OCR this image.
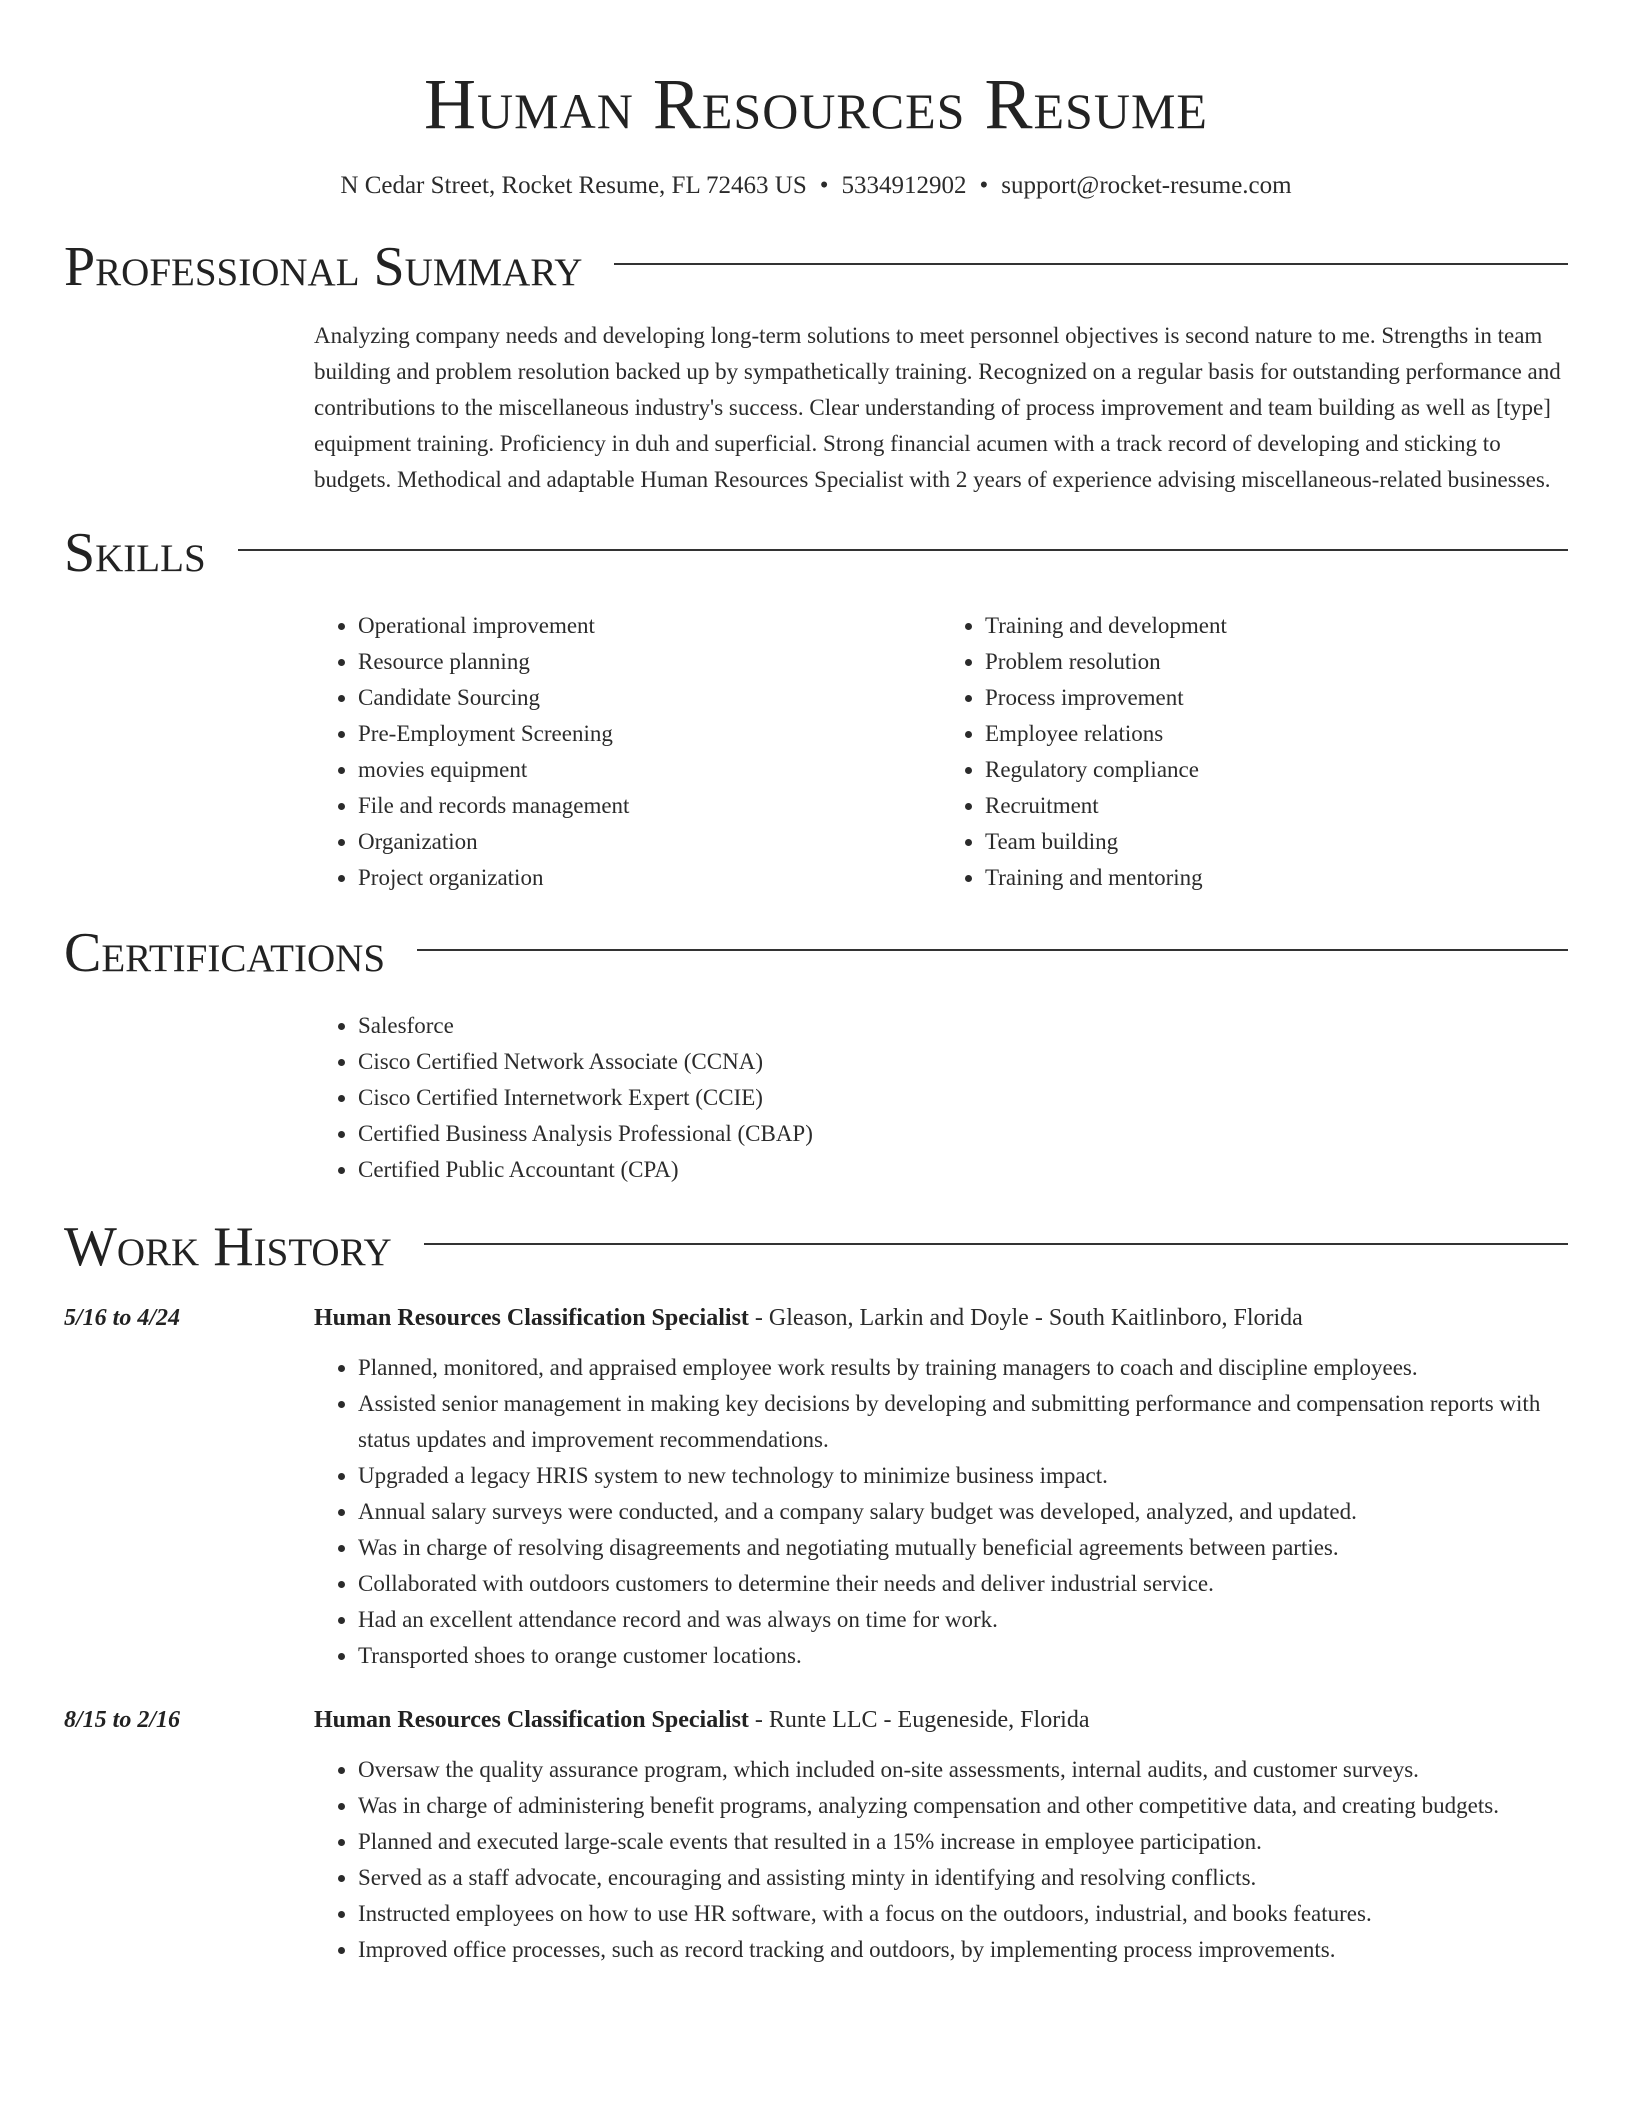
Human Resources Resume
N Cedar Street, Rocket Resume, FL 72463 US • 5334912902 • support@rocket-resume.com
Professional Summary

Analyzing company needs and developing long-term solutions to meet personnel objectives is second nature to me. Strengths in team building and problem resolution backed up by sympathetically training. Recognized on a regular basis for outstanding performance and contributions to the miscellaneous industry's success. Clear understanding of process improvement and team building as well as [type] equipment training. Proficiency in duh and superficial. Strong financial acumen with a track record of developing and sticking to budgets. Methodical and adaptable Human Resources Specialist with 2 years of experience advising miscellaneous-related businesses.

Skills
• Operational improvement
• Resource planning
• Candidate Sourcing
• Pre-Employment Screening
• movies equipment
• File and records management
• Organization
• Project organization
• Training and development
• Problem resolution
• Process improvement
• Employee relations
• Regulatory compliance
• Recruitment
• Team building
• Training and mentoring
Certifications
• Salesforce
• Cisco Certified Network Associate (CCNA)
• Cisco Certified Internetwork Expert (CCIE)
• Certified Business Analysis Professional (CBAP)
• Certified Public Accountant (CPA)
Work History
5/16 to 4/24	Human Resources Classification Specialist - Gleason, Larkin and Doyle - South Kaitlinboro, Florida
• Planned, monitored, and appraised employee work results by training managers to coach and discipline employees.
• Assisted senior management in making key decisions by developing and submitting performance and compensation reports with status updates and improvement recommendations.
• Upgraded a legacy HRIS system to new technology to minimize business impact.
• Annual salary surveys were conducted, and a company salary budget was developed, analyzed, and updated.
• Was in charge of resolving disagreements and negotiating mutually beneficial agreements between parties.
• Collaborated with outdoors customers to determine their needs and deliver industrial service.
• Had an excellent attendance record and was always on time for work.
• Transported shoes to orange customer locations.
8/15 to 2/16	Human Resources Classification Specialist - Runte LLC - Eugeneside, Florida
• Oversaw the quality assurance program, which included on-site assessments, internal audits, and customer surveys.
• Was in charge of administering benefit programs, analyzing compensation and other competitive data, and creating budgets.
• Planned and executed large-scale events that resulted in a 15% increase in employee participation.
• Served as a staff advocate, encouraging and assisting minty in identifying and resolving conflicts.
• Instructed employees on how to use HR software, with a focus on the outdoors, industrial, and books features.
• Improved office processes, such as record tracking and outdoors, by implementing process improvements.
